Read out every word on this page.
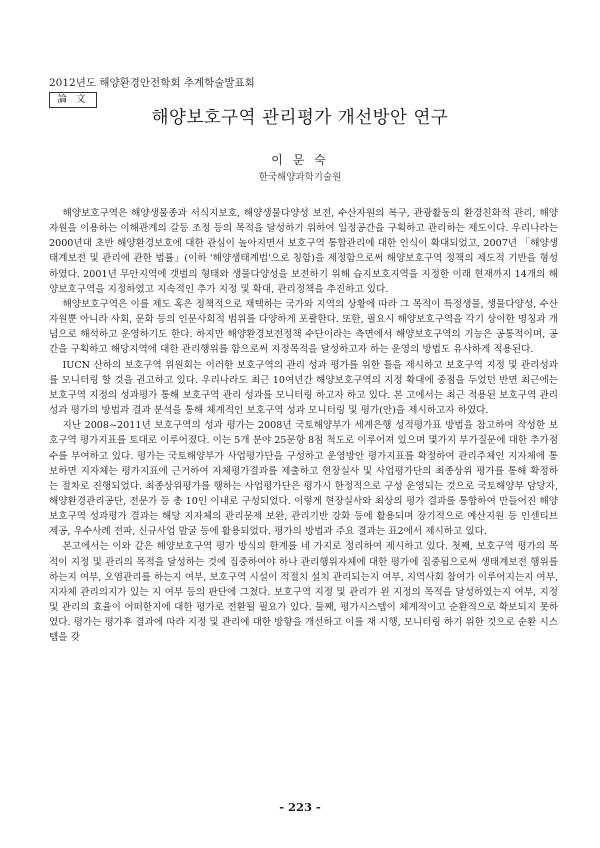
2012년도 해양환경안전학회 추계학술발표회
論 文
해양보호구역 관리평가 개선방안 연구
이 문 숙
한국해양과학기술원

해양보호구역은 해양생물종과 서식지보호, 해양생물다양성 보전, 수산자원의 복구, 관광활동의 환경친화적 관리, 해양자원을 이용하는 이해관계의 갈등 조정 등의 목적을 달성하기 위하여 일정공간을 구획하고 관리하는 제도이다. 우리나라는 2000년대 초반 해양환경보호에 대한 관심이 높아지면서 보호구역 통합관리에 대한 인식이 확대되었고, 2007년 「해양생태계보전 및 관리에 관한 법률」(이하 '해양생태계법'으로 칭함)을 제정함으로써 해양보호구역 정책의 제도적 기반을 형성하였다. 2001년 무안지역에 갯벌의 형태와 생물다양성을 보전하기 위해 습지보호지역을 지정한 이래 현재까지 14개의 해양보호구역을 지정하였고 지속적인 추가 지정 및 확대, 관리정책을 추진하고 있다.

해양보호구역은 이를 제도 혹은 정책적으로 채택하는 국가와 지역의 상황에 따라 그 목적이 특정생물, 생물다양성, 수산자원뿐 아니라 사회, 문화 등의 인문사회적 범위를 다양하게 포괄한다. 또한, 필요시 해양보호구역을 각기 상이한 명칭과 개념으로 해석하고 운영하기도 한다. 하지만 해양환경보전정책 수단이라는 측면에서 해양보호구역의 기능은 공통적이며, 공간을 구획하고 해당지역에 대한 관리행위를 함으로써 지정목적을 달성하고자 하는 운영의 방법도 유사하게 적용된다.

IUCN 산하의 보호구역 위원회는 이러한 보호구역의 관리 성과 평가를 위한 틀을 제시하고 보호구역 지정 및 관리성과를 모니터링 할 것을 권고하고 있다. 우리나라도 최근 10여년간 해양보호구역의 지정 확대에 중점을 두었던 반면 최근에는 보호구역 지정의 성과평가 통해 보호구역 관리 성과를 모니터링 하고자 하고 있다. 본 고에서는 최근 적용된 보호구역 관리성과 평가의 방법과 결과 분석을 통해 체계적인 보호구역 성과 모니터링 및 평가(안)을 제시하고자 하였다.

지난 2008~2011년 보호구역의 성과 평가는 2008년 국토해양부가 세계은행 성적평가표 방법을 참고하여 작성한 보호구역 평가지표를 토대로 이루어졌다. 이는 5개 분야 25문항 8점 척도로 이루어져 있으며 몇가지 부가질문에 대한 추가점수를 부여하고 있다. 평가는 국토해양부가 사업평가단을 구성하고 운영방안 평가지표를 확정하여 관리주체인 지자체에 통보하면 지자체는 평가지표에 근거하여 자체평가결과를 제출하고 현장실사 및 사업평가단의 최종상위 평가를 통해 확정하는 절차로 진행되었다. 최종상위평가를 행하는 사업평가단은 평가시 한정적으로 구성 운영되는 것으로 국토해양부 담당자, 해양환경관리공단, 전문가 등 총 10인 이내로 구성되었다. 이렇게 현장실사와 최상의 평가 결과를 통합하여 만들어진 해양보호구역 성과평가 결과는 해당 지자체의 관리문제 보완, 관리기반 강화 등에 활용되며 장기적으로 예산지원 등 인센티브 제공, 우수사례 전파, 신규사업 발굴 등에 활용되었다. 평가의 방법과 주요 결과는 표2에서 제시하고 있다.

본고에서는 이와 같은 해양보호구역 평가 방식의 한계를 네 가지로 정리하여 제시하고 있다. 첫째, 보호구역 평가의 목적이 지정 및 관리의 목적을 달성하는 것에 집중하여야 하나 관리행위자체에 대한 평가에 집중됨으로써 생태계보전 행위를 하는지 여부, 오염관리를 하는지 여부, 보호구역 시설이 적절치 설치 관리되는지 여부, 지역사회 참여가 이루어지는지 여부, 지자체 관리의지가 있는 지 여부 등의 판단에 그쳤다. 보호구역 지정 및 관리가 왼 지정의 목적을 달성하였는지 여부, 지정 및 관리의 효율이 어떠한지에 대한 평가로 전환될 필요가 있다. 둘째, 평가시스템이 체계적이고 순환적으로 확보되지 못하였다. 평가는 평가후 결과에 따라 지정 및 관리에 대한 방향을 개선하고 이를 재 시행, 모니터링 하기 위한 것으로 순환 시스템을 갖

- 223 -
